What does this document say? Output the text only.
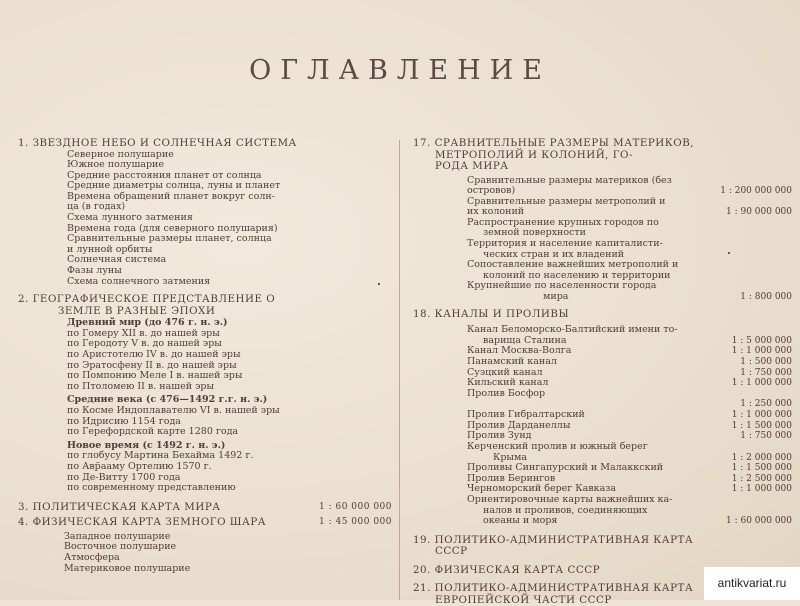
ОГЛАВЛЕНИЕ
1. ЗВЕЗДНОЕ НЕБО И СОЛНЕЧНАЯ СИСТЕМА
Северное полушарие
Южное полушарие
Средние расстояния планет от солнца
Средние диаметры солнца, луны и планет
Времена обращений планет вокруг солн-
ца (в годах)
Схема лунного затмения
Времена года (для северного полушария)
Сравнительные размеры планет, солнца
и лунной орбиты
Солнечная система
Фазы луны
Схема солнечного затмения
2. ГЕОГРАФИЧЕСКОЕ ПРЕДСТАВЛЕНИЕ О
ЗЕМЛЕ В РАЗНЫЕ ЭПОХИ
Древний мир (до 476 г. н. э.)
по Гомеру XII в. до нашей эры
по Геродоту V в. до нашей эры
по Аристотелю IV в. до нашей эры
по Эратосфену II в. до нашей эры
по Помпонию Меле I в. нашей эры
по Птоломею II в. нашей эры
Средние века (с 476—1492 г.г. н. э.)
по Косме Индоплавателю VI в. нашей эры
по Идрисию 1154 года
по Герефордской карте 1280 года
Новое время (с 1492 г. н. э.)
по глобусу Мартина Бехайма 1492 г.
по Авр̈ааму Ортелию 1570 г.
по Де-Витту 1700 года
по современному представлению
3. ПОЛИТИЧЕСКАЯ КАРТА МИРА	1 : 60 000 000
4. ФИЗИЧЕСКАЯ КАРТА ЗЕМНОГО ШАРА	1 : 45 000 000
Западное полушарие
Восточное полушарие
Атмосфера
Материковое полушарие
17. СРАВНИТЕЛЬНЫЕ РАЗМЕРЫ МАТЕРИКОВ,
МЕТРОПОЛИЙ И КОЛОНИЙ, ГО-
РОДА МИРА
Сравнительные размеры материков (без
островов)	1 : 200 000 000
Сравнительные размеры метрополий и
их колоний	1 : 90 000 000
Распространение крупных городов по
земной поверхности
Территория и население капиталисти-
ческих стран и их владений
Сопоставление важнейших метрополий и
колоний по населению и территории
Крупнейшие по населенности города
мира	1 : 800 000
18. КАНАЛЫ И ПРОЛИВЫ
Канал Беломорско-Балтийский имени то-
варища Сталина	1 : 5 000 000
Канал Москва-Волга	1 : 1 000 000
Панамский канал	1 : 500 000
Суэцкий канал	1 : 750 000
Кильский канал	1 : 1 000 000
Пролив Босфор
1 : 250 000
Пролив Гибралтарский	1 : 1 000 000
Пролив Дарданеллы	1 : 1 500 000
Пролив Зунд	1 : 750 000
Керченский пролив и южный берег
Крыма	1 : 2 000 000
Проливы Сингапурский и Малаккский	1 : 1 500 000
Пролив Берингов	1 : 2 500 000
Черноморский берег Кавказа	1 : 1 000 000
Ориентировочные карты важнейших ка-
налов и проливов, соединяющих
океаны и моря	1 : 60 000 000
19. ПОЛИТИКО-АДМИНИСТРАТИВНАЯ КАРТА
СССР
20. ФИЗИЧЕСКАЯ КАРТА СССР
21. ПОЛИТИКО-АДМИНИСТРАТИВНАЯ КАРТА
ЕВРОПЕЙСКОЙ ЧАСТИ СССР
antikvariat.ru
